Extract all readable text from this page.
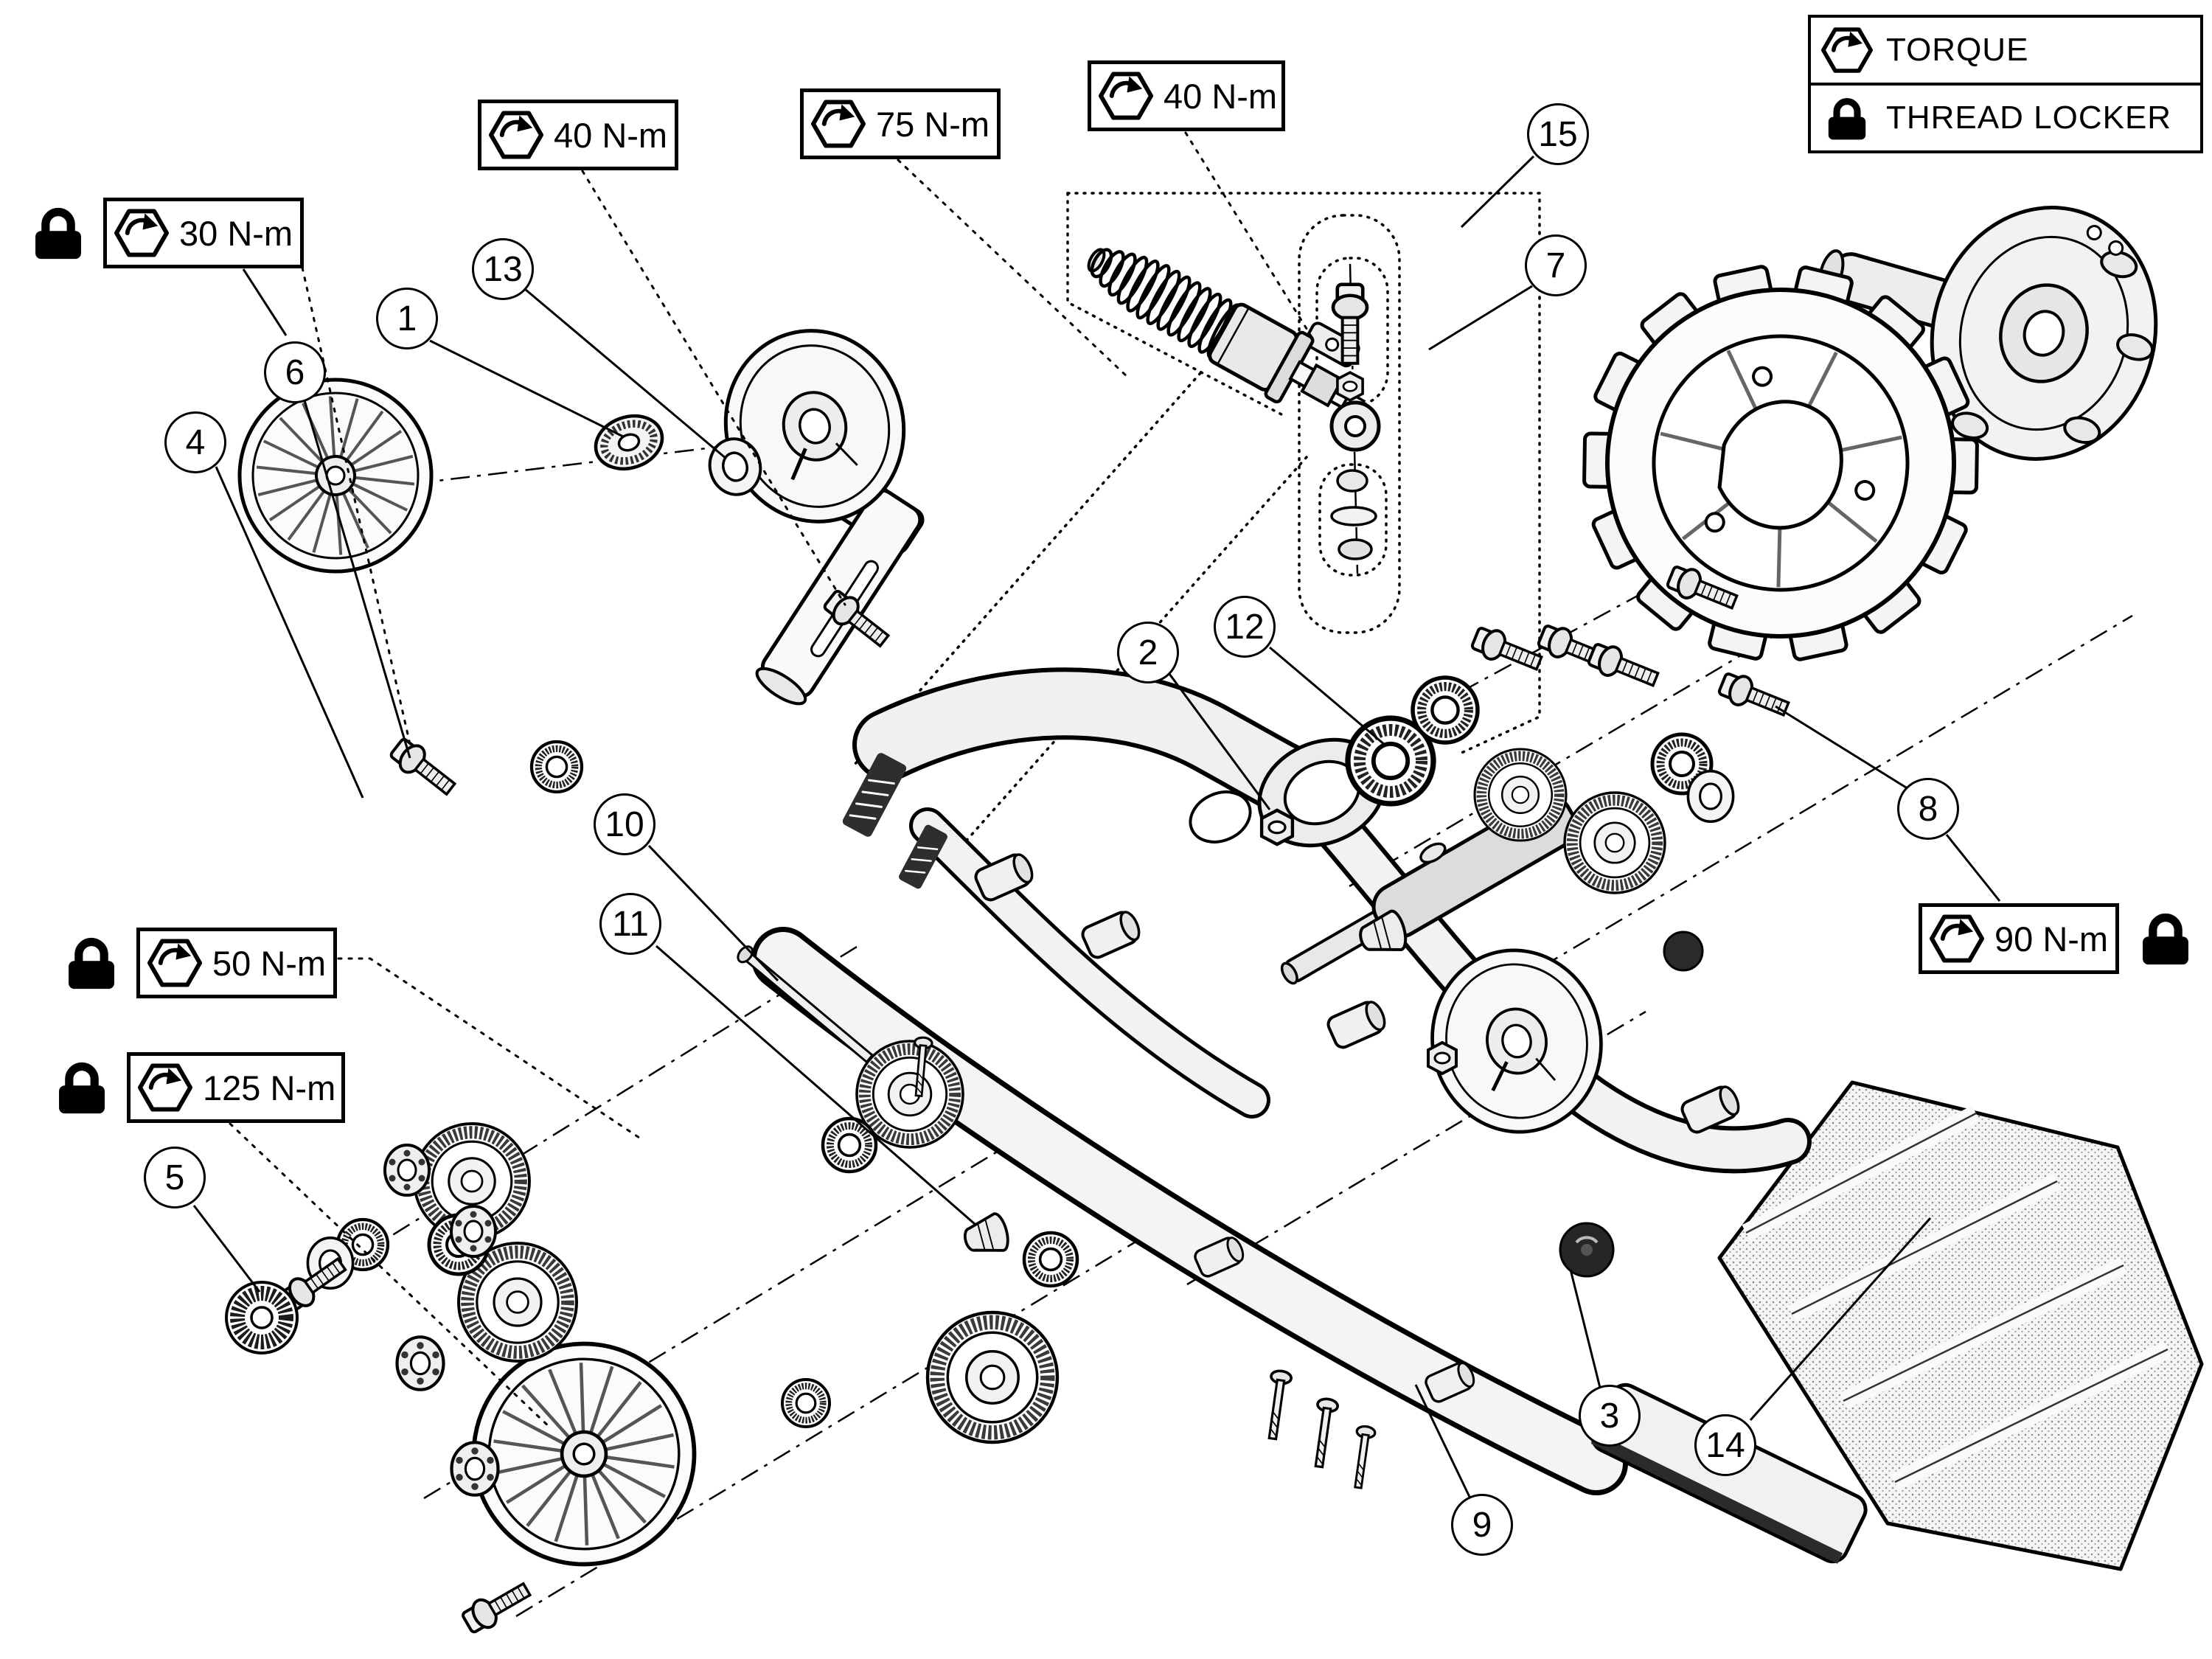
TORQUE
THREAD LOCKER
30 N-m
40 N-m	75 N-m
40 N-m
50 N-m
125 N-m
90 N-m
1
2
3
4
5
6
7
8
9
10
11
12
13
14
15
